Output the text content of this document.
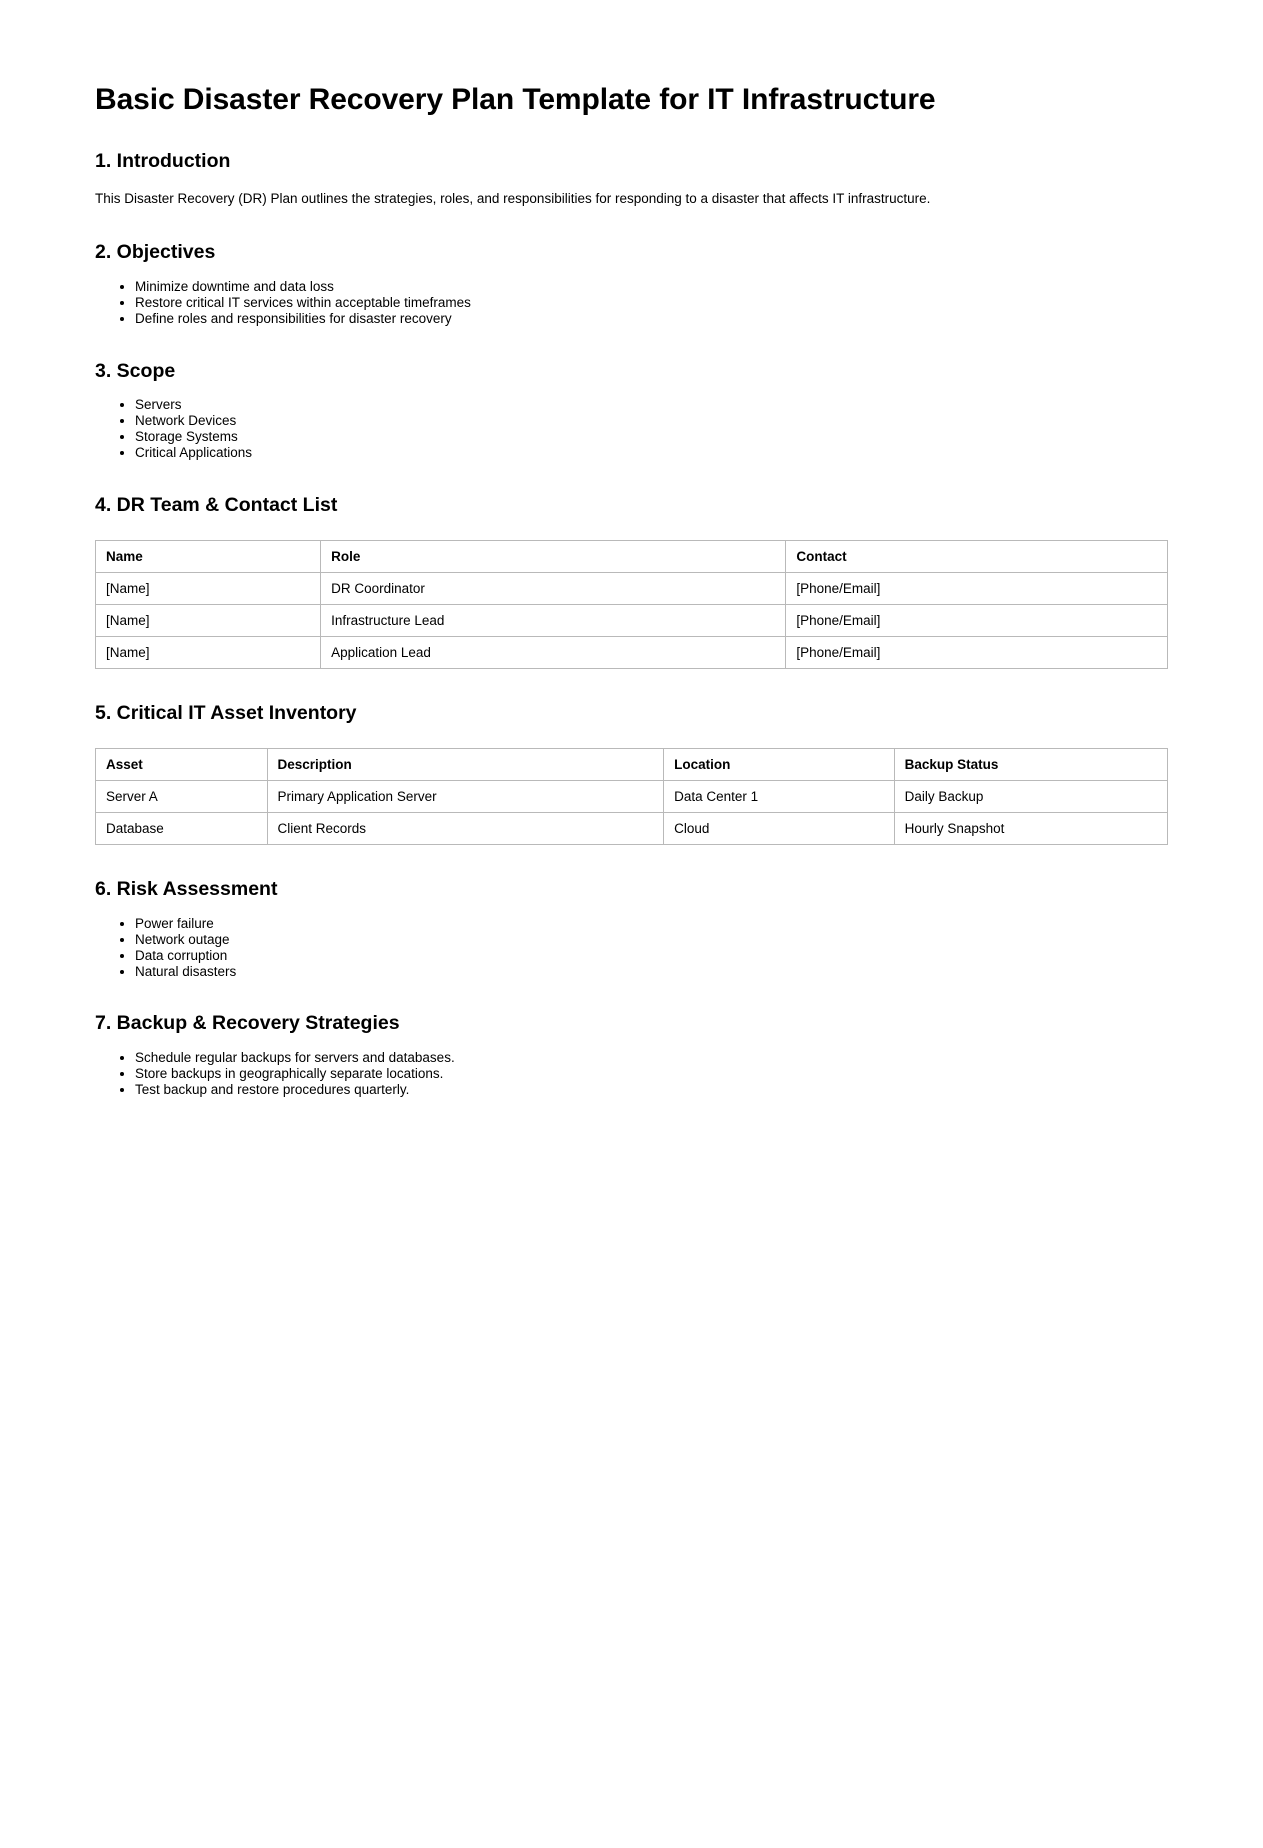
Basic Disaster Recovery Plan Template for IT Infrastructure
1. Introduction

This Disaster Recovery (DR) Plan outlines the strategies, roles, and responsibilities for responding to a disaster that affects IT infrastructure.

2. Objectives
• Minimize downtime and data loss
• Restore critical IT services within acceptable timeframes
• Define roles and responsibilities for disaster recovery
3. Scope
• Servers
• Network Devices
• Storage Systems
• Critical Applications
4. DR Team & Contact List
Name	Role	Contact
[Name]	DR Coordinator	[Phone/Email]
[Name]	Infrastructure Lead	[Phone/Email]
[Name]	Application Lead	[Phone/Email]
5. Critical IT Asset Inventory
Asset	Description	Location	Backup Status
Server A	Primary Application Server	Data Center 1	Daily Backup
Database	Client Records	Cloud	Hourly Snapshot
6. Risk Assessment
• Power failure
• Network outage
• Data corruption
• Natural disasters
7. Backup & Recovery Strategies
• Schedule regular backups for servers and databases.
• Store backups in geographically separate locations.
• Test backup and restore procedures quarterly.
1.
2.
